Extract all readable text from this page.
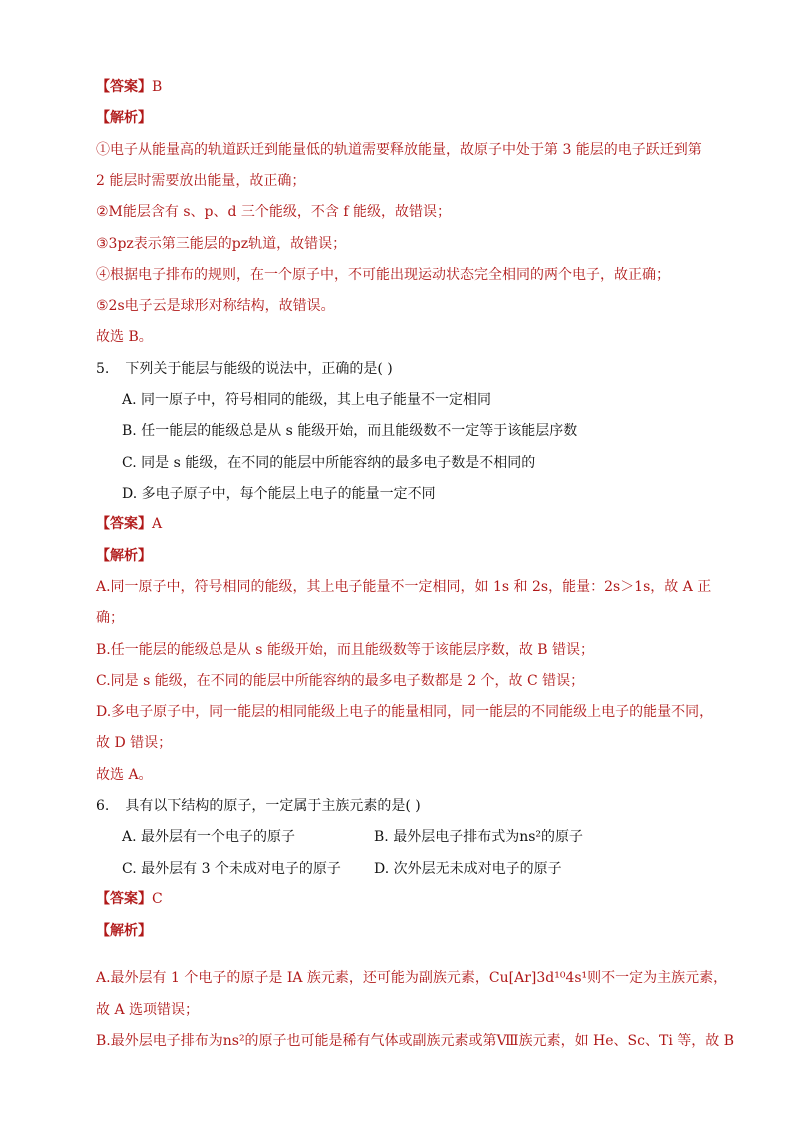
【答案】B
【解析】
①电子从能量高的轨道跃迁到能量低的轨道需要释放能量，故原子中处于第 3 能层的电子跃迁到第
2 能层时需要放出能量，故正确；
②M能层含有 s、p、d 三个能级，不含 f 能级，故错误；
③3pz表示第三能层的pz轨道，故错误；
④根据电子排布的规则，在一个原子中，不可能出现运动状态完全相同的两个电子，故正确；
⑤2s电子云是球形对称结构，故错误。
故选 B。
5. 下列关于能层与能级的说法中，正确的是( )
A. 同一原子中，符号相同的能级，其上电子能量不一定相同
B. 任一能层的能级总是从 s 能级开始，而且能级数不一定等于该能层序数
C. 同是 s 能级，在不同的能层中所能容纳的最多电子数是不相同的
D. 多电子原子中，每个能层上电子的能量一定不同
【答案】A
【解析】
A.同一原子中，符号相同的能级，其上电子能量不一定相同，如 1s 和 2s，能量：2s＞1s，故 A 正
确；
B.任一能层的能级总是从 s 能级开始，而且能级数等于该能层序数，故 B 错误；
C.同是 s 能级，在不同的能层中所能容纳的最多电子数都是 2 个，故 C 错误；
D.多电子原子中，同一能层的相同能级上电子的能量相同，同一能层的不同能级上电子的能量不同，
故 D 错误；
故选 A。
6. 具有以下结构的原子，一定属于主族元素的是( )
A. 最外层有一个电子的原子	B. 最外层电子排布式为ns²的原子
C. 最外层有 3 个未成对电子的原子 D. 次外层无未成对电子的原子
【答案】C
【解析】
A.最外层有 1 个电子的原子是 IA 族元素，还可能为副族元素，Cu[Ar]3d¹⁰4s¹则不一定为主族元素，
故 A 选项错误；
B.最外层电子排布为ns²的原子也可能是稀有气体或副族元素或第Ⅷ族元素，如 He、Sc、Ti 等，故 B
